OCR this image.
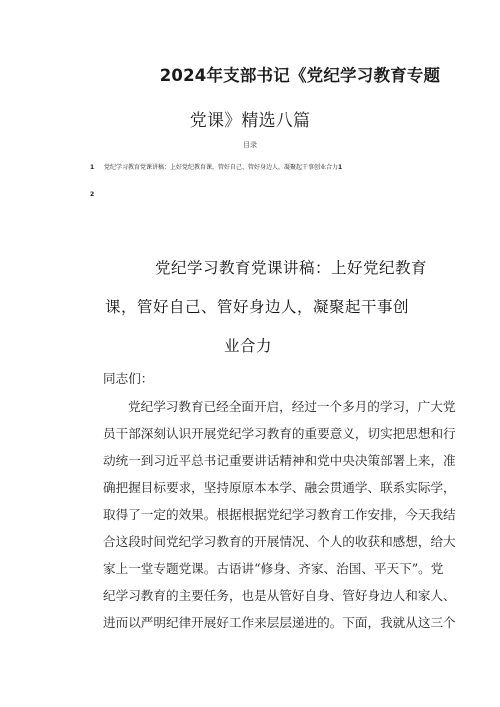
2024年支部书记《党纪学习教育专题
党课》精选八篇
目录
1 党纪学习教育党课讲稿：上好党纪教育课，管好自己、管好身边人，凝聚起干事创业合力1
2
党纪学习教育党课讲稿：上好党纪教育
课，管好自己、管好身边人，凝聚起干事创
业合力
同志们：
党纪学习教育已经全面开启，经过一个多月的学习，广大党
员干部深刻认识开展党纪学习教育的重要意义，切实把思想和行
动统一到习近平总书记重要讲话精神和党中央决策部署上来，准
确把握目标要求，坚持原原本本学、融会贯通学、联系实际学，
取得了一定的效果。根据根据党纪学习教育工作安排，今天我结
合这段时间党纪学习教育的开展情况、个人的收获和感想，给大
家上一堂专题党课。古语讲“修身、齐家、治国、平天下”。党
纪学习教育的主要任务，也是从管好自身、管好身边人和家人、
进而以严明纪律开展好工作来层层递进的。下面，我就从这三个
